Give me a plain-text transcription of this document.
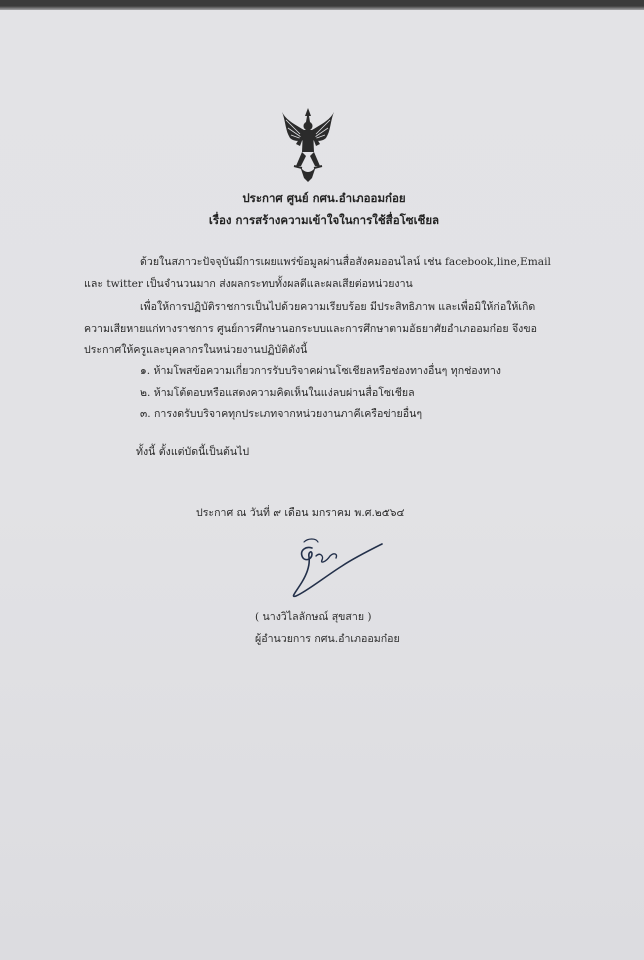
ประกาศ ศูนย์ กศน.อำเภออมก๋อย
เรื่อง การสร้างความเข้าใจในการใช้สื่อโซเชียล
ด้วยในสภาวะปัจจุบันมีการเผยแพร่ข้อมูลผ่านสื่อสังคมออนไลน์ เช่น facebook,line,Email
และ twitter เป็นจำนวนมาก ส่งผลกระทบทั้งผลดีและผลเสียต่อหน่วยงาน
เพื่อให้การปฏิบัติราชการเป็นไปด้วยความเรียบร้อย มีประสิทธิภาพ และเพื่อมิให้ก่อให้เกิด
ความเสียหายแก่ทางราชการ ศูนย์การศึกษานอกระบบและการศึกษาตามอัธยาศัยอำเภออมก๋อย จึงขอ
ประกาศให้ครูและบุคลากรในหน่วยงานปฏิบัติดังนี้
๑. ห้ามโพสข้อความเกี่ยวการรับบริจาคผ่านโซเชียลหรือช่องทางอื่นๆ ทุกช่องทาง
๒. ห้ามโต้ตอบหรือแสดงความคิดเห็นในแง่ลบผ่านสื่อโซเชียล
๓. การงดรับบริจาคทุกประเภทจากหน่วยงานภาคีเครือข่ายอื่นๆ
ทั้งนี้ ตั้งแต่บัดนี้เป็นต้นไป
ประกาศ ณ วันที่ ๙ เดือน มกราคม พ.ศ.๒๕๖๔
( นางวิไลลักษณ์ สุขสาย )
ผู้อำนวยการ กศน.อำเภออมก๋อย
